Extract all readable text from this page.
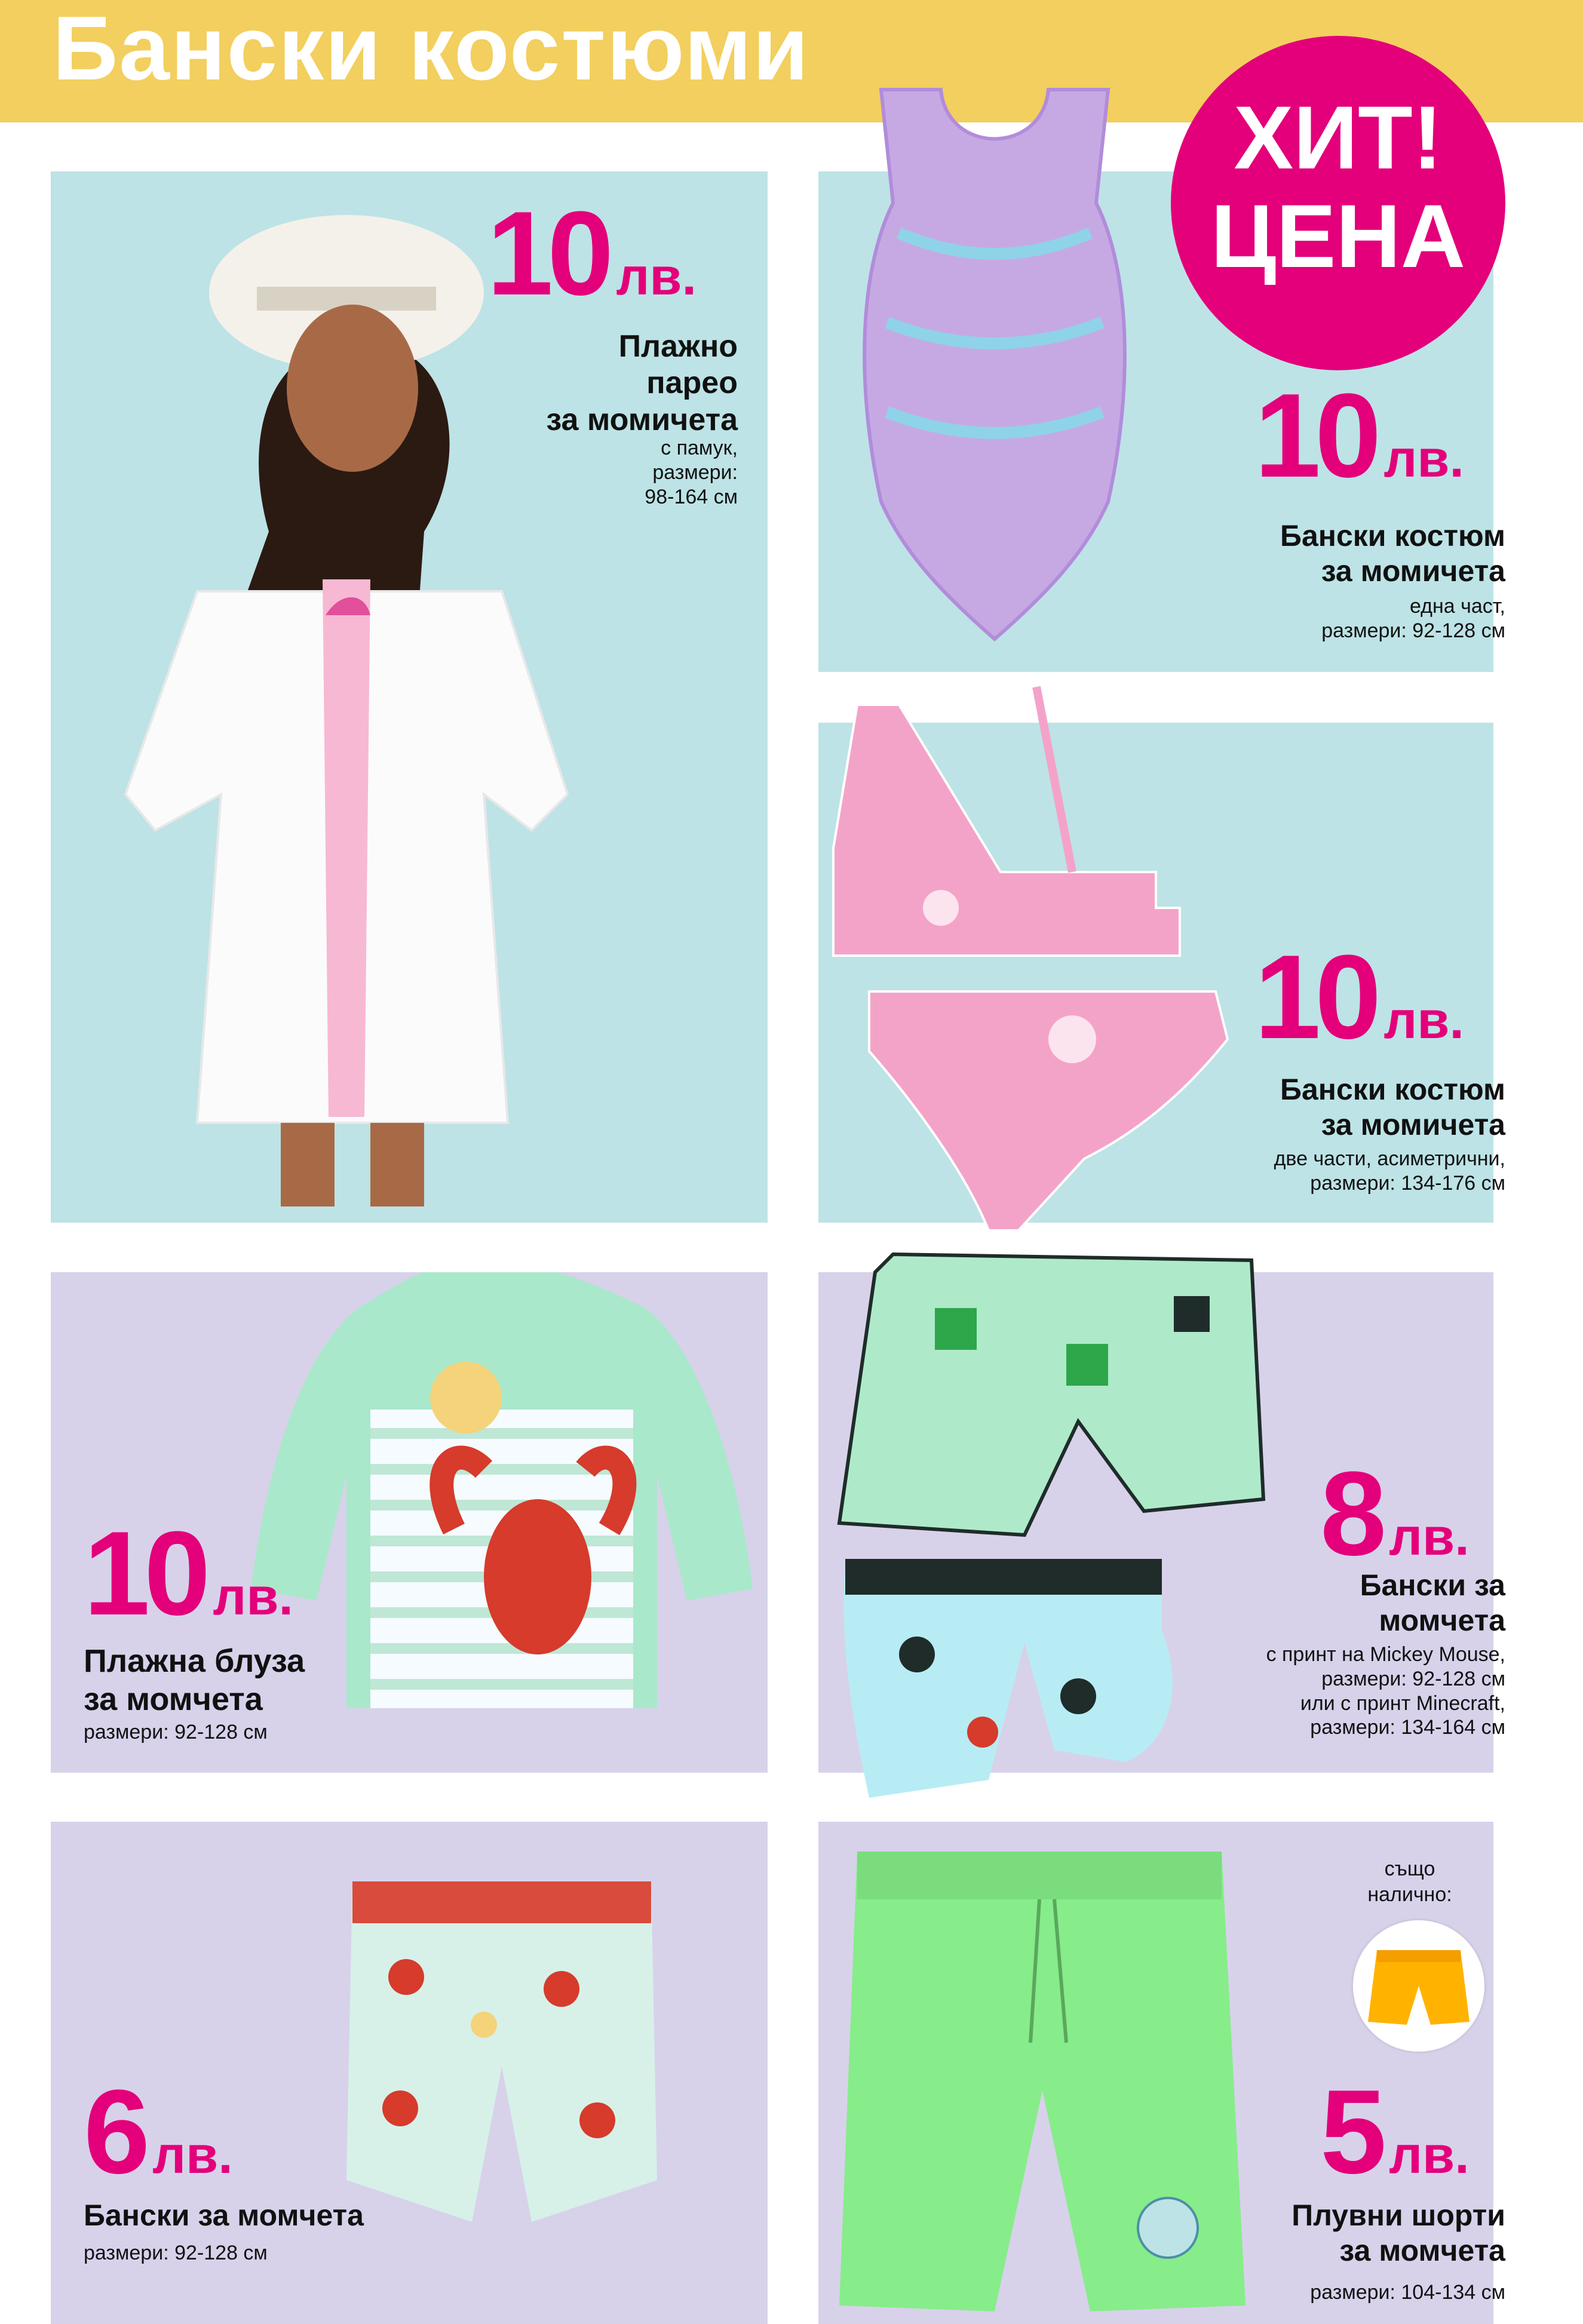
Бански костюми
ХИТ!
ЦЕНА
10 лв.
Плажно
парео
за момичета
с памук,
размери:
98-164 см	10 лв.
Бански костюм
за момичета
една част,
размери: 92-128 см
10 лв.
Бански костюм
за момичета
две части, асиметрични,
размери: 134-176 см
10 лв.
Плажна блуза
за момчета
размери: 92-128 см
8 лв.
Бански за
момчета
с принт на Mickey Mouse,
размери: 92-128 см
или с принт Minecraft,
размери: 134-164 см
6 лв.
Бански за момчета
размери: 92-128 см
също
налично:
5 лв.
Плувни шорти
за момчета
размери: 104-134 см
